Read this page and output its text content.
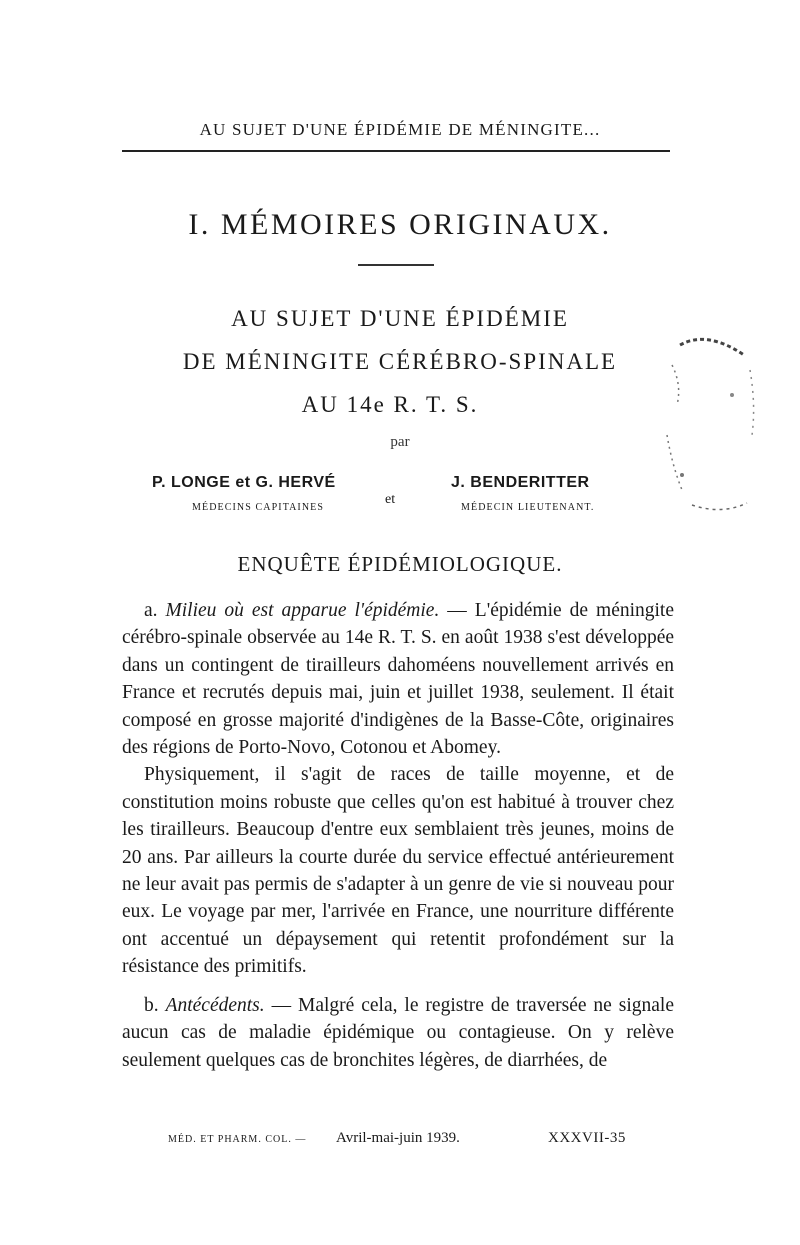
AU SUJET D'UNE ÉPIDÉMIE DE MÉNINGITE...
I. MÉMOIRES ORIGINAUX.
AU SUJET D'UNE ÉPIDÉMIE
DE MÉNINGITE CÉRÉBRO-SPINALE
AU 14e R. T. S.
par
P. LONGE et G. HERVÉ
et
J. BENDERITTER
MÉDECINS CAPITAINES	MÉDECIN LIEUTENANT.
ENQUÊTE ÉPIDÉMIOLOGIQUE.

a. Milieu où est apparue l'épidémie. — L'épidémie de méningite cérébro-spinale observée au 14e R. T. S. en août 1938 s'est développée dans un contingent de tirailleurs dahoméens nouvellement arrivés en France et recrutés depuis mai, juin et juillet 1938, seulement. Il était composé en grosse majorité d'indigènes de la Basse-Côte, originaires des régions de Porto-Novo, Cotonou et Abomey.

Physiquement, il s'agit de races de taille moyenne, et de constitution moins robuste que celles qu'on est habitué à trouver chez les tirailleurs. Beaucoup d'entre eux semblaient très jeunes, moins de 20 ans. Par ailleurs la courte durée du service effectué antérieurement ne leur avait pas permis de s'adapter à un genre de vie si nouveau pour eux. Le voyage par mer, l'arrivée en France, une nourriture différente ont accentué un dépaysement qui retentit profondément sur la résistance des primitifs.

b. Antécédents. — Malgré cela, le registre de traversée ne signale aucun cas de maladie épidémique ou contagieuse. On y relève seulement quelques cas de bronchites légères, de diarrhées, de

MÉD. ET PHARM. COL. — Avril-mai-juin 1939.	XXXVII-35
